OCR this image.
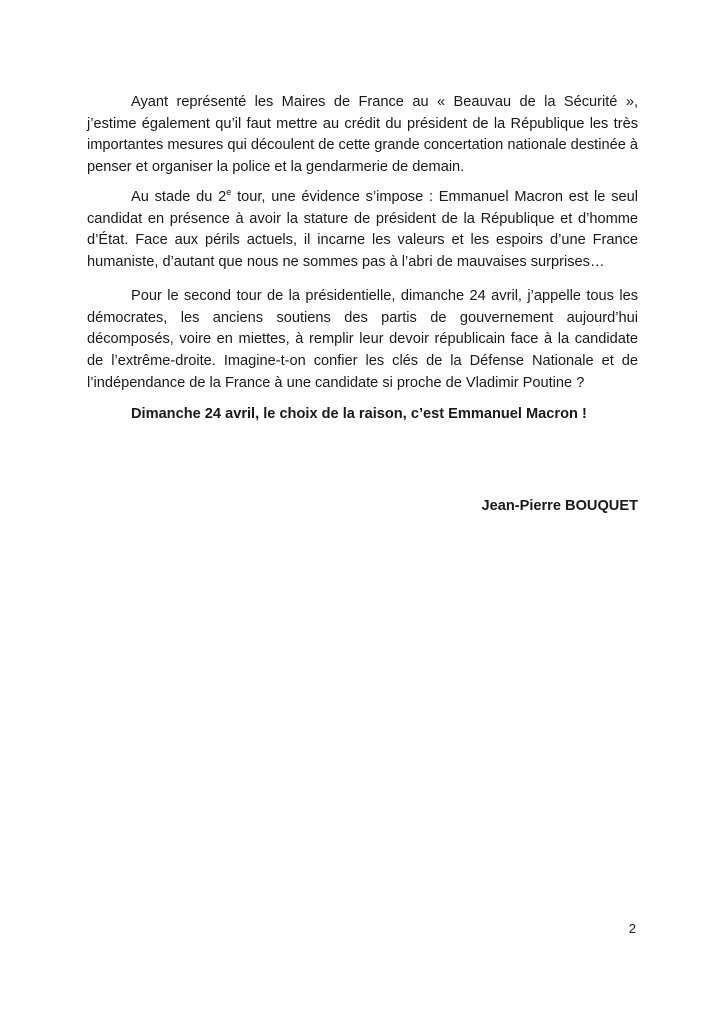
Ayant représenté les Maires de France au « Beauvau de la Sécurité », j’estime également qu’il faut mettre au crédit du président de la République les très importantes mesures qui découlent de cette grande concertation nationale destinée à penser et organiser la police et la gendarmerie de demain.

Au stade du 2e tour, une évidence s’impose : Emmanuel Macron est le seul candidat en présence à avoir la stature de président de la République et d’homme d’État. Face aux périls actuels, il incarne les valeurs et les espoirs d’une France humaniste, d’autant que nous ne sommes pas à l’abri de mauvaises surprises…

Pour le second tour de la présidentielle, dimanche 24 avril, j’appelle tous les démocrates, les anciens soutiens des partis de gouvernement aujourd’hui décomposés, voire en miettes, à remplir leur devoir républicain face à la candidate de l’extrême-droite. Imagine-t-on confier les clés de la Défense Nationale et de l’indépendance de la France à une candidate si proche de Vladimir Poutine ?

Dimanche 24 avril, le choix de la raison, c’est Emmanuel Macron !

Jean-Pierre BOUQUET
2
